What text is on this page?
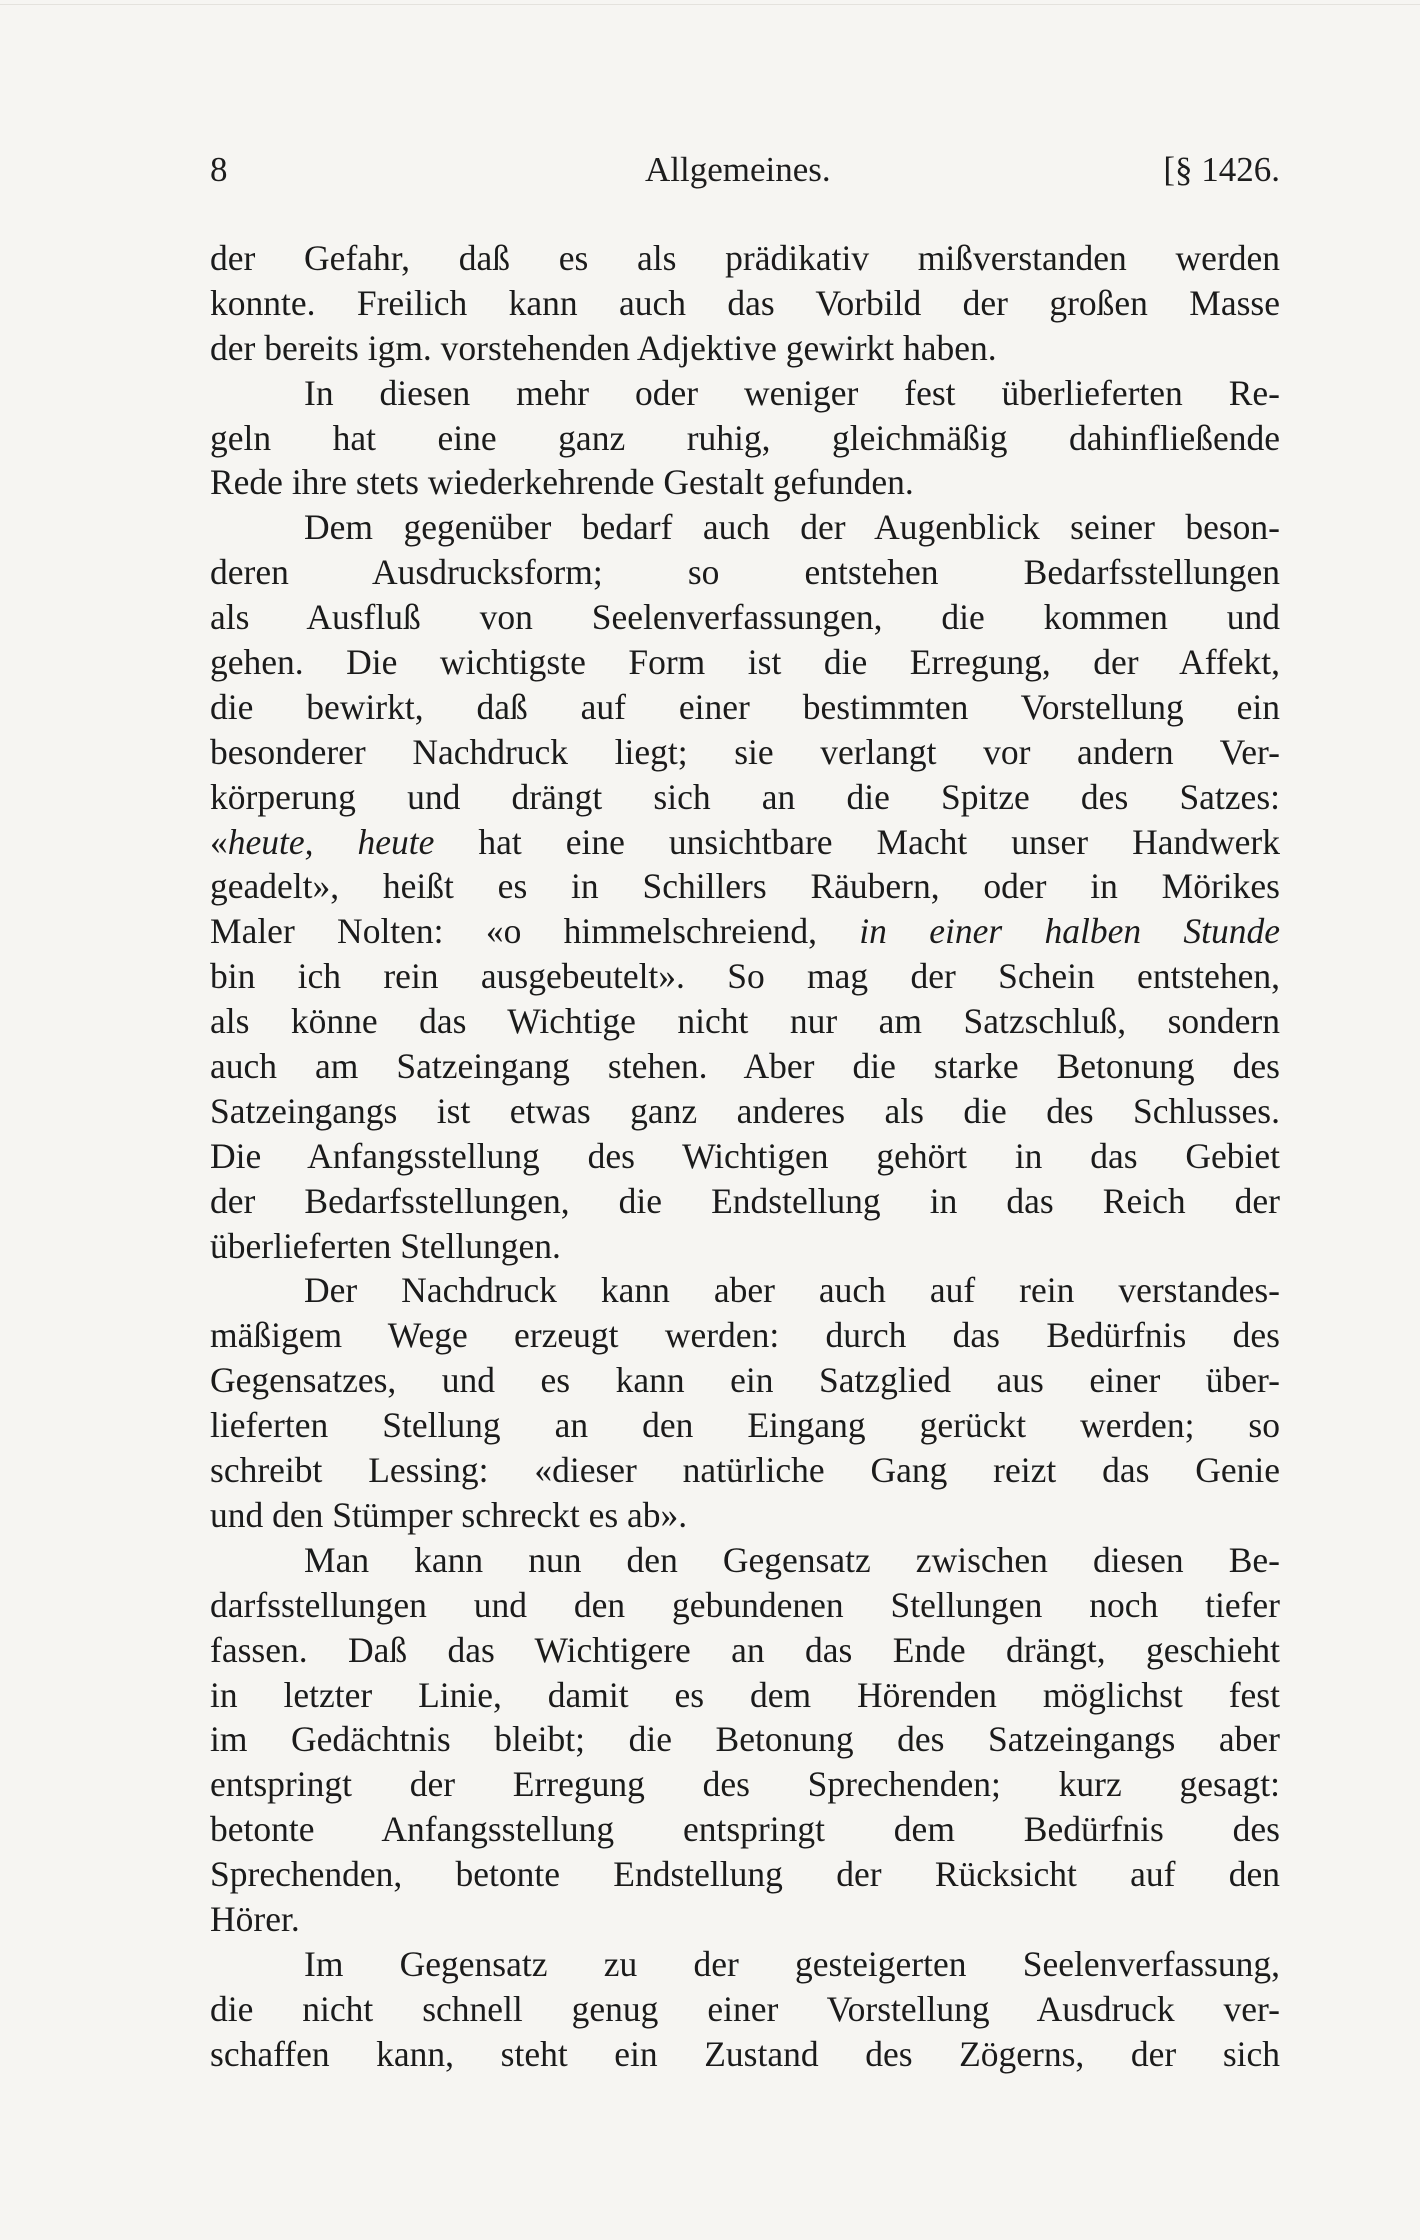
8	Allgemeines.	[§ 1426.
der Gefahr, daß es als prädikativ mißverstanden werden
konnte. Freilich kann auch das Vorbild der großen Masse
der bereits igm. vorstehenden Adjektive gewirkt haben.
In diesen mehr oder weniger fest überlieferten Re-
geln hat eine ganz ruhig, gleichmäßig dahinfließende
Rede ihre stets wiederkehrende Gestalt gefunden.
Dem gegenüber bedarf auch der Augenblick seiner beson-
deren Ausdrucksform; so entstehen Bedarfsstellungen
als Ausfluß von Seelenverfassungen, die kommen und
gehen. Die wichtigste Form ist die Erregung, der Affekt,
die bewirkt, daß auf einer bestimmten Vorstellung ein
besonderer Nachdruck liegt; sie verlangt vor andern Ver-
körperung und drängt sich an die Spitze des Satzes:
«heute, heute hat eine unsichtbare Macht unser Handwerk
geadelt», heißt es in Schillers Räubern, oder in Mörikes
Maler Nolten: «o himmelschreiend, in einer halben Stunde
bin ich rein ausgebeutelt». So mag der Schein entstehen,
als könne das Wichtige nicht nur am Satzschluß, sondern
auch am Satzeingang stehen. Aber die starke Betonung des
Satzeingangs ist etwas ganz anderes als die des Schlusses.
Die Anfangsstellung des Wichtigen gehört in das Gebiet
der Bedarfsstellungen, die Endstellung in das Reich der
überlieferten Stellungen.
Der Nachdruck kann aber auch auf rein verstandes-
mäßigem Wege erzeugt werden: durch das Bedürfnis des
Gegensatzes, und es kann ein Satzglied aus einer über-
lieferten Stellung an den Eingang gerückt werden; so
schreibt Lessing: «dieser natürliche Gang reizt das Genie
und den Stümper schreckt es ab».
Man kann nun den Gegensatz zwischen diesen Be-
darfsstellungen und den gebundenen Stellungen noch tiefer
fassen. Daß das Wichtigere an das Ende drängt, geschieht
in letzter Linie, damit es dem Hörenden möglichst fest
im Gedächtnis bleibt; die Betonung des Satzeingangs aber
entspringt der Erregung des Sprechenden; kurz gesagt:
betonte Anfangsstellung entspringt dem Bedürfnis des
Sprechenden, betonte Endstellung der Rücksicht auf den
Hörer.
Im Gegensatz zu der gesteigerten Seelenverfassung,
die nicht schnell genug einer Vorstellung Ausdruck ver-
schaffen kann, steht ein Zustand des Zögerns, der sich
